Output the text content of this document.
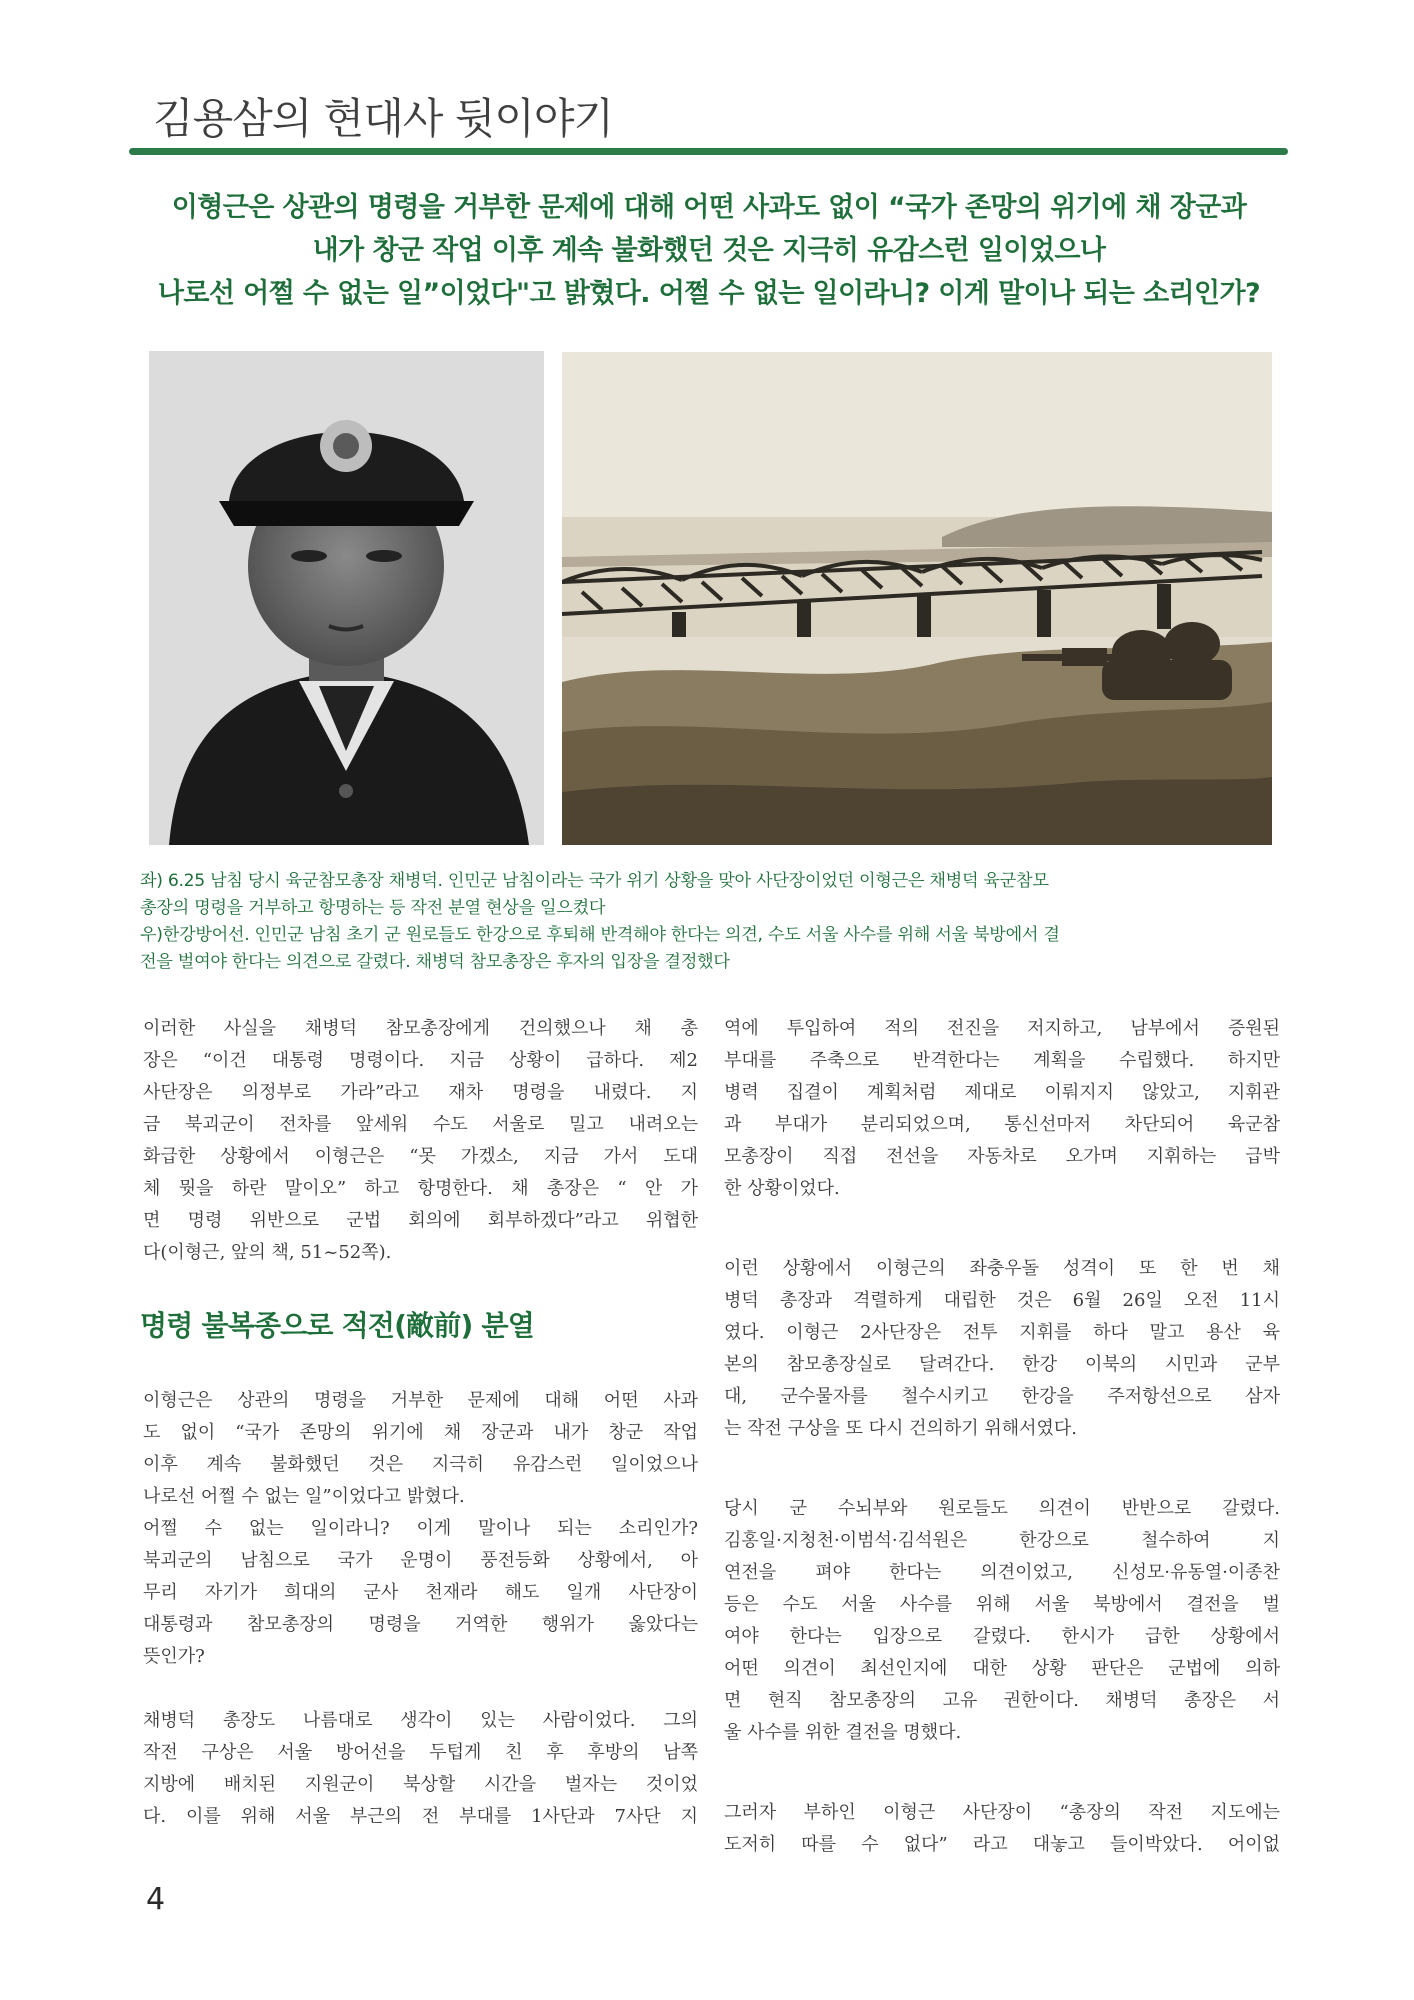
김용삼의 현대사 뒷이야기
이형근은 상관의 명령을 거부한 문제에 대해 어떤 사과도 없이 “국가 존망의 위기에 채 장군과
내가 창군 작업 이후 계속 불화했던 것은 지극히 유감스런 일이었으나
나로선 어쩔 수 없는 일”이었다"고 밝혔다. 어쩔 수 없는 일이라니? 이게 말이나 되는 소리인가?
좌) 6.25 남침 당시 육군참모총장 채병덕. 인민군 남침이라는 국가 위기 상황을 맞아 사단장이었던 이형근은 채병덕 육군참모
총장의 명령을 거부하고 항명하는 등 작전 분열 현상을 일으켰다
우)한강방어선. 인민군 남침 초기 군 원로들도 한강으로 후퇴해 반격해야 한다는 의견, 수도 서울 사수를 위해 서울 북방에서 결
전을 벌여야 한다는 의견으로 갈렸다. 채병덕 참모총장은 후자의 입장을 결정했다
이러한 사실을 채병덕 참모총장에게 건의했으나 채 총
장은 “이건 대통령 명령이다. 지금 상황이 급하다. 제2
사단장은 의정부로 가라”라고 재차 명령을 내렸다. 지
금 북괴군이 전차를 앞세워 수도 서울로 밀고 내려오는
화급한 상황에서 이형근은 “못 가겠소, 지금 가서 도대
체 뭣을 하란 말이오” 하고 항명한다. 채 총장은 “ 안 가
면 명령 위반으로 군법 회의에 회부하겠다”라고 위협한
다(이형근, 앞의 책, 51~52쪽).
이형근은 상관의 명령을 거부한 문제에 대해 어떤 사과
도 없이 “국가 존망의 위기에 채 장군과 내가 창군 작업
이후 계속 불화했던 것은 지극히 유감스런 일이었으나
나로선 어쩔 수 없는 일”이었다고 밝혔다.
어쩔 수 없는 일이라니? 이게 말이나 되는 소리인가?
북괴군의 남침으로 국가 운명이 풍전등화 상황에서, 아
무리 자기가 희대의 군사 천재라 해도 일개 사단장이
대통령과 참모총장의 명령을 거역한 행위가 옳았다는
뜻인가?
채병덕 총장도 나름대로 생각이 있는 사람이었다. 그의
작전 구상은 서울 방어선을 두텁게 친 후 후방의 남쪽
지방에 배치된 지원군이 북상할 시간을 벌자는 것이었
다. 이를 위해 서울 부근의 전 부대를 1사단과 7사단 지
명령 불복종으로 적전(敵前) 분열
역에 투입하여 적의 전진을 저지하고, 남부에서 증원된
부대를 주축으로 반격한다는 계획을 수립했다. 하지만
병력 집결이 계획처럼 제대로 이뤄지지 않았고, 지휘관
과 부대가 분리되었으며, 통신선마저 차단되어 육군참
모총장이 직접 전선을 자동차로 오가며 지휘하는 급박
한 상황이었다.
이런 상황에서 이형근의 좌충우돌 성격이 또 한 번 채
병덕 총장과 격렬하게 대립한 것은 6월 26일 오전 11시
였다. 이형근 2사단장은 전투 지휘를 하다 말고 용산 육
본의 참모총장실로 달려간다. 한강 이북의 시민과 군부
대, 군수물자를 철수시키고 한강을 주저항선으로 삼자
는 작전 구상을 또 다시 건의하기 위해서였다.
당시 군 수뇌부와 원로들도 의견이 반반으로 갈렸다.
김홍일·지청천·이범석·김석원은 한강으로 철수하여 지
연전을 펴야 한다는 의견이었고, 신성모·유동열·이종찬
등은 수도 서울 사수를 위해 서울 북방에서 결전을 벌
여야 한다는 입장으로 갈렸다. 한시가 급한 상황에서
어떤 의견이 최선인지에 대한 상황 판단은 군법에 의하
면 현직 참모총장의 고유 권한이다. 채병덕 총장은 서
울 사수를 위한 결전을 명했다.
그러자 부하인 이형근 사단장이 “총장의 작전 지도에는
도저히 따를 수 없다” 라고 대놓고 들이박았다. 어이없
4
